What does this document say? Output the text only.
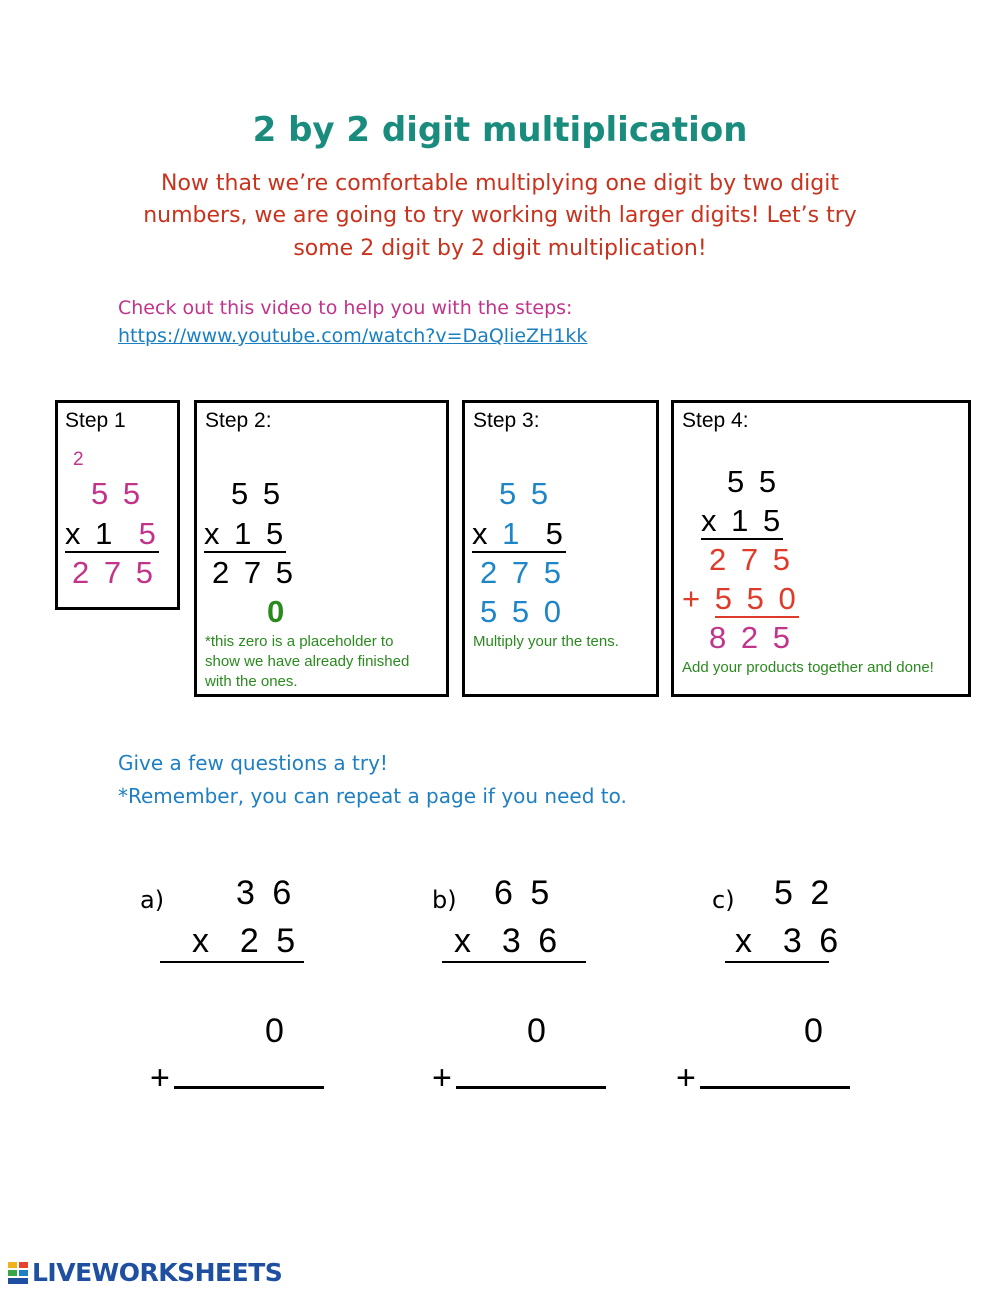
2 by 2 digit multiplication
Now that we’re comfortable multiplying one digit by two digit
numbers, we are going to try working with larger digits! Let’s try
some 2 digit by 2 digit multiplication!
Check out this video to help you with the steps:
https://www.youtube.com/watch?v=DaQlieZH1kk
Step 1
2
5 5
x 1 5
2 7 5
Step 2:
5 5
x 1 5
2 7 5
0
*this zero is a placeholder to
show we have already finished
with the ones.
Step 3:
5 5
x 1 5
2 7 5
5 5 0
Multiply your the tens.
Step 4:
5 5
x 1 5
2 7 5
+ 5 5 0
8 2 5
Add your products together and done!
Give a few questions a try!
*Remember, you can repeat a page if you need to.
a) 3 6
x  2 5
0
+
b) 6 5
x  3 6
0
+
c) 5 2
x  3 6
0
+
LIVEWORKSHEETS
